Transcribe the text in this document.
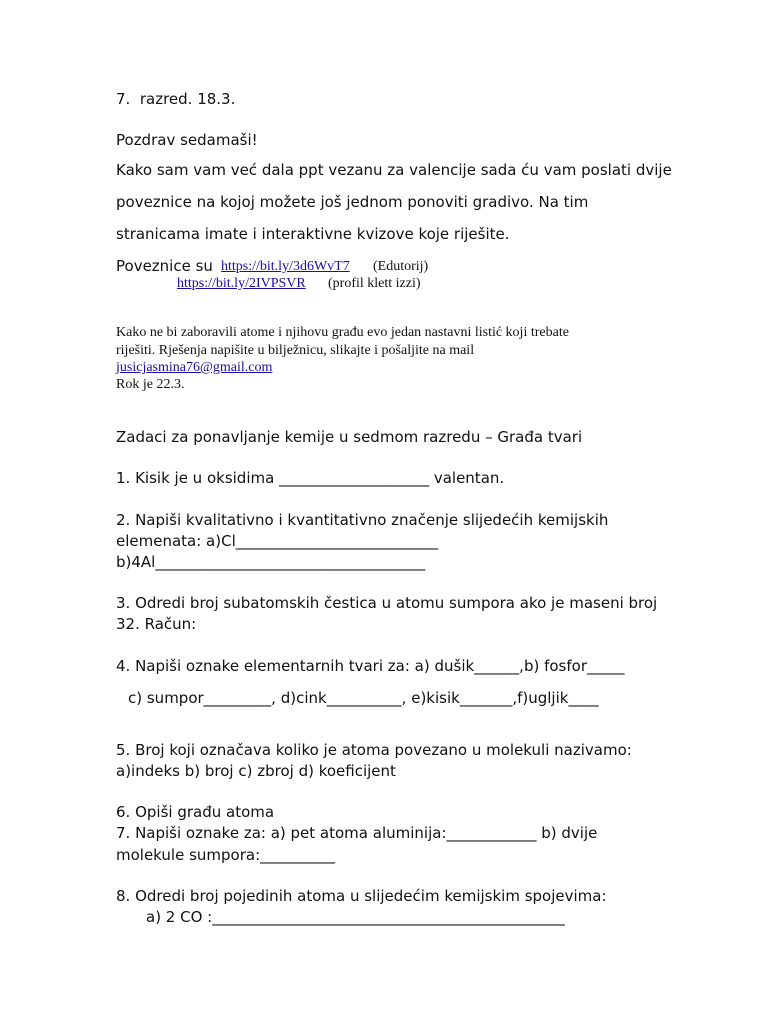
7.  razred. 18.3.
Pozdrav sedamaši!
Kako sam vam već dala ppt vezanu za valencije sada ću vam poslati dvije
poveznice na kojoj možete još jednom ponoviti gradivo. Na tim
stranicama imate i interaktivne kvizove koje riješite.
Poveznice su https://bit.ly/3d6WvT7 (Edutorij)
https://bit.ly/2IVPSVR (profil klett izzi)
Kako ne bi zaboravili atome i njihovu građu evo jedan nastavni listić koji trebate
riješiti. Rješenja napišite u bilježnicu, slikajte i pošaljite na mail
jusicjasmina76@gmail.com
Rok je 22.3.
Zadaci za ponavljanje kemije u sedmom razredu – Građa tvari
1. Kisik je u oksidima ____________________ valentan.
2. Napiši kvalitativno i kvantitativno značenje slijedećih kemijskih
elemenata: a)Cl___________________________
b)4Al____________________________________
3. Odredi broj subatomskih čestica u atomu sumpora ako je maseni broj
32. Račun:
4. Napiši oznake elementarnih tvari za: a) dušik______,b) fosfor_____
c) sumpor_________, d)cink__________, e)kisik_______,f)ugljik____
5. Broj koji označava koliko je atoma povezano u molekuli nazivamo:
a)indeks b) broj c) zbroj d) koeficijent
6. Opiši građu atoma
7. Napiši oznake za: a) pet atoma aluminija:____________ b) dvije
molekule sumpora:__________
8. Odredi broj pojedinih atoma u slijedećim kemijskim spojevima:
a) 2 CO :_______________________________________________
